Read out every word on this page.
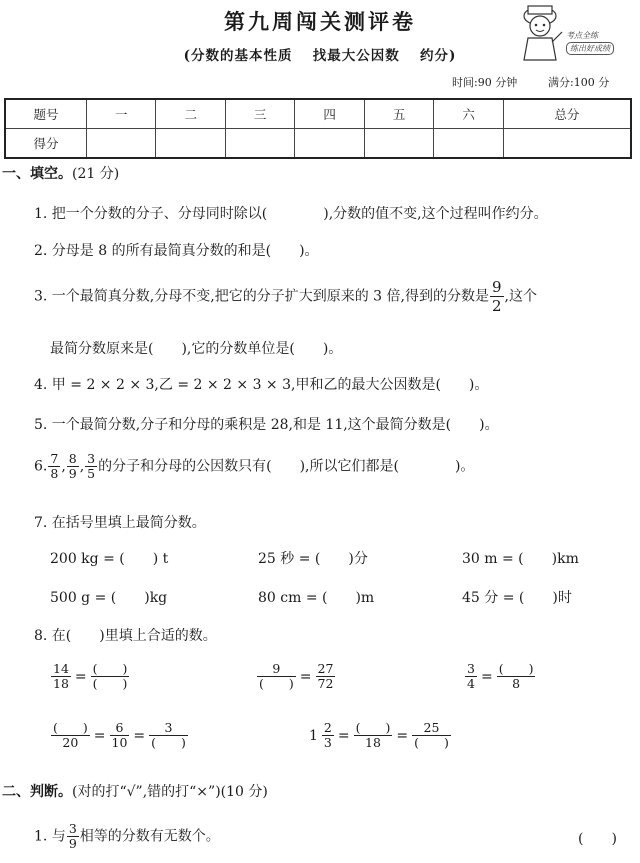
第九周闯关测评卷
(分数的基本性质　 找最大公因数　 约分)
考点全练
练出好成绩
时间:90 分钟	满分:100 分
题号	一	二	三	四	五	六	总分
得分							
一、填空。(21 分)
1. 把一个分数的分子、分母同时除以(　　　　),分数的值不变,这个过程叫作约分。
2. 分母是 8 的所有最简真分数的和是(　　)。
3. 一个最简真分数,分母不变,把它的分子扩大到原来的 3 倍,得到的分数是 $\frac{9}{2}$ ,这个
最简分数原来是(　　),它的分数单位是(　　)。
4. 甲 = 2 × 2 × 3,乙 = 2 × 2 × 3 × 3,甲和乙的最大公因数是(　　)。
5. 一个最简分数,分子和分母的乘积是 28,和是 11,这个最简分数是(　　)。
6. $\frac{7}{8}$ , $\frac{8}{9}$ , $\frac{3}{5}$ 的分子和分母的公因数只有(　　),所以它们都是(　　　　)。
7. 在括号里填上最简分数。
200 kg = (　　) t	25 秒 = (　　)分	30 m = (　　)km
500 g = (　　)kg	80 cm = (　　)m	45 分 = (　　)时
8. 在(　　)里填上合适的数。
$\frac{14}{18} = \frac{( )}{( )}$	$\frac{9}{( )} = \frac{27}{72}$	$\frac{3}{4} = \frac{( )}{8}$
$\frac{( )}{20} = \frac{6}{10} = \frac{3}{( )}$	$1 \frac{2}{3} = \frac{( )}{18} = \frac{25}{( )}$
二、判断。(对的打“√”,错的打“×”)(10 分)
1. 与 $\frac{3}{9}$ 相等的分数有无数个。	(　　)
